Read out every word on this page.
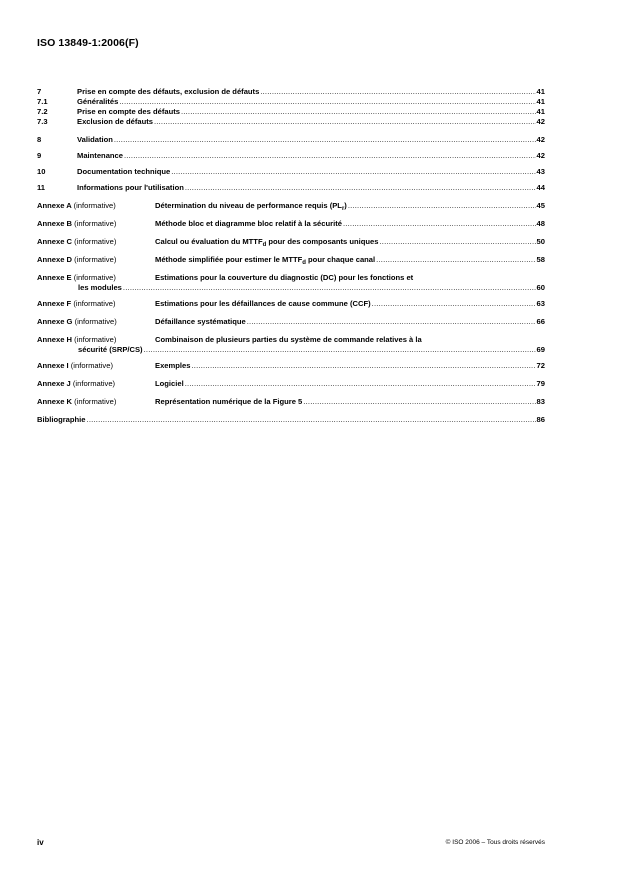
ISO 13849-1:2006(F)
7	Prise en compte des défauts, exclusion de défauts .....	41
7.1	Généralités .....	41
7.2	Prise en compte des défauts .....	41
7.3	Exclusion de défauts .....	42
8	Validation .....	42
9	Maintenance .....	42
10	Documentation technique .....	43
11	Informations pour l'utilisation .....	44
Annexe A (informative)	Détermination du niveau de performance requis $(PL_r)$ .....	45
Annexe B (informative)	Méthode bloc et diagramme bloc relatif à la sécurité .....	48
Annexe C (informative)	Calcul ou évaluation du $MTTF_d$ pour des composants uniques .....	50
Annexe D (informative)	Méthode simplifiée pour estimer le $MTTF_d$ pour chaque canal .....	58
Annexe E (informative)	Estimations pour la couverture du diagnostic (DC) pour les fonctions et
les modules .....	60
Annexe F (informative)	Estimations pour les défaillances de cause commune (CCF) .....	63
Annexe G (informative)	Défaillance systématique .....	66
Annexe H (informative)	Combinaison de plusieurs parties du système de commande relatives à la
sécurité (SRP/CS) .....	69
Annexe I (informative)	Exemples .....	72
Annexe J (informative)	Logiciel .....	79
Annexe K (informative)	Représentation numérique de la Figure 5 .....	83
Bibliographie .....	86
iv	© ISO 2006 – Tous droits réservés
